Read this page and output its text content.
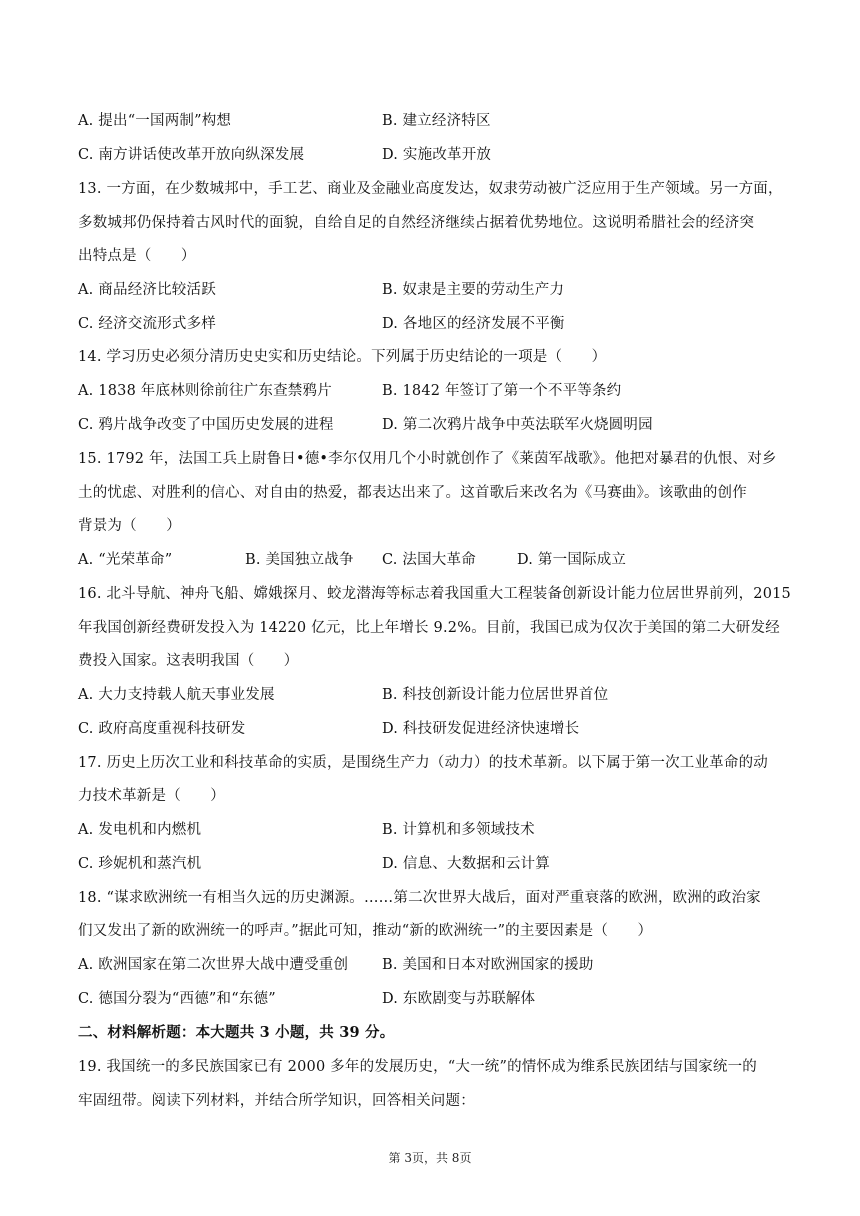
A. 提出“一国两制”构想	B. 建立经济特区
C. 南方讲话使改革开放向纵深发展	D. 实施改革开放
13. 一方面，在少数城邦中，手工艺、商业及金融业高度发达，奴隶劳动被广泛应用于生产领域。另一方面，
多数城邦仍保持着古风时代的面貌，自给自足的自然经济继续占据着优势地位。这说明希腊社会的经济突
出特点是（　　）
A. 商品经济比较活跃	B. 奴隶是主要的劳动生产力
C. 经济交流形式多样	D. 各地区的经济发展不平衡
14. 学习历史必须分清历史史实和历史结论。下列属于历史结论的一项是（　　）
A. 1838 年底林则徐前往广东查禁鸦片	B. 1842 年签订了第一个不平等条约
C. 鸦片战争改变了中国历史发展的进程	D. 第二次鸦片战争中英法联军火烧圆明园
15. 1792 年，法国工兵上尉鲁日•德•李尔仅用几个小时就创作了《莱茵军战歌》。他把对暴君的仇恨、对乡
土的忧虑、对胜利的信心、对自由的热爱，都表达出来了。这首歌后来改名为《马赛曲》。该歌曲的创作
背景为（　　）
A. “光荣革命”	B. 美国独立战争 C. 法国大革命	D. 第一国际成立
16. 北斗导航、神舟飞船、嫦娥探月、蛟龙潜海等标志着我国重大工程装备创新设计能力位居世界前列，2015
年我国创新经费研发投入为 14220 亿元，比上年增长 9.2%。目前，我国已成为仅次于美国的第二大研发经
费投入国家。这表明我国（　　）
A. 大力支持载人航天事业发展	B. 科技创新设计能力位居世界首位
C. 政府高度重视科技研发	D. 科技研发促进经济快速增长
17. 历史上历次工业和科技革命的实质，是围绕生产力（动力）的技术革新。以下属于第一次工业革命的动
力技术革新是（　　）
A. 发电机和内燃机	B. 计算机和多领域技术
C. 珍妮机和蒸汽机	D. 信息、大数据和云计算
18. “谋求欧洲统一有相当久远的历史渊源。……第二次世界大战后，面对严重衰落的欧洲，欧洲的政治家
们又发出了新的欧洲统一的呼声。”据此可知，推动“新的欧洲统一”的主要因素是（　　）
A. 欧洲国家在第二次世界大战中遭受重创 B. 美国和日本对欧洲国家的援助
C. 德国分裂为“西德”和“东德”	D. 东欧剧变与苏联解体
二、材料解析题：本大题共 3 小题，共 39 分。
19. 我国统一的多民族国家已有 2000 多年的发展历史，“大一统”的情怀成为维系民族团结与国家统一的
牢固纽带。阅读下列材料，并结合所学知识，回答相关问题：
第 3页，共 8页
